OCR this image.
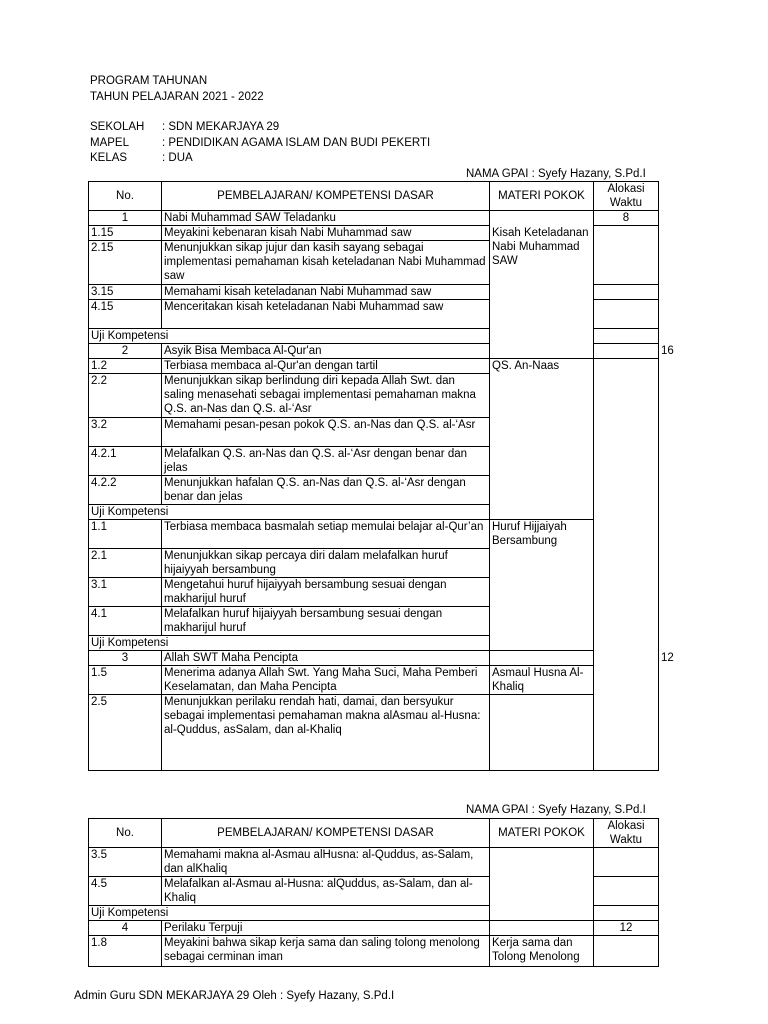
PROGRAM TAHUNAN
TAHUN PELAJARAN 2021 - 2022
SEKOLAH	: SDN MEKARJAYA 29
MAPEL	: PENDIDIKAN AGAMA ISLAM DAN BUDI PEKERTI
KELAS	: DUA
NAMA GPAI : Syefy Hazany, S.Pd.I
No.	PEMBELAJARAN/ KOMPETENSI DASAR	MATERI POKOK	Alokasi Waktu	
1	Nabi Muhammad SAW Teladanku		8	
1.15	Meyakini kebenaran kisah Nabi Muhammad saw	Kisah Keteladanan Nabi Muhammad SAW		
2.15	Menunjukkan sikap jujur dan kasih sayang sebagai implementasi pemahaman kisah keteladanan Nabi Muhammad saw			
3.15	Memahami kisah keteladanan Nabi Muhammad saw			
4.15	Menceritakan kisah keteladanan Nabi Muhammad saw			
Uji Kompetensi				
2	Asyik Bisa Membaca Al-Qur'an			16
1.2	Terbiasa membaca al-Qur'an dengan tartil	QS. An-Naas		
2.2	Menunjukkan sikap berlindung diri kepada Allah Swt. dan saling menasehati sebagai implementasi pemahaman makna Q.S. an-Nas dan Q.S. al-‘Asr			
3.2	Memahami pesan-pesan pokok Q.S. an-Nas dan Q.S. al-‘Asr			
4.2.1	Melafalkan Q.S. an-Nas dan Q.S. al-‘Asr dengan benar dan jelas			
4.2.2	Menunjukkan hafalan Q.S. an-Nas dan Q.S. al-‘Asr dengan benar dan jelas			
Uji Kompetensi				
1.1	Terbiasa membaca basmalah setiap memulai belajar al-Qur’an	Huruf Hijjaiyah Bersambung		
2.1	Menunjukkan sikap percaya diri dalam melafalkan huruf hijaiyyah bersambung			
3.1	Mengetahui huruf hijaiyyah bersambung sesuai dengan makharijul huruf			
4.1	Melafalkan huruf hijaiyyah bersambung sesuai dengan makharijul huruf			
Uji Kompetensi				
3	Allah SWT Maha Pencipta			12
1.5	Menerima adanya Allah Swt. Yang Maha Suci, Maha Pemberi Keselamatan, dan Maha Pencipta	Asmaul Husna Al-Khaliq		
2.5	Menunjukkan perilaku rendah hati, damai, dan bersyukur sebagai implementasi pemahaman makna alAsmau al-Husna: al-Quddus, asSalam, dan al-Khaliq			
NAMA GPAI : Syefy Hazany, S.Pd.I
No.	PEMBELAJARAN/ KOMPETENSI DASAR	MATERI POKOK	Alokasi Waktu
3.5	Memahami makna al-Asmau alHusna: al-Quddus, as-Salam, dan alKhaliq		
4.5	Melafalkan al-Asmau al-Husna: alQuddus, as-Salam, dan al-Khaliq		
Uji Kompetensi			
4	Perilaku Terpuji		12
1.8	Meyakini bahwa sikap kerja sama dan saling tolong menolong sebagai cerminan iman	Kerja sama dan Tolong Menolong	
Admin Guru SDN MEKARJAYA 29 Oleh : Syefy Hazany, S.Pd.I
